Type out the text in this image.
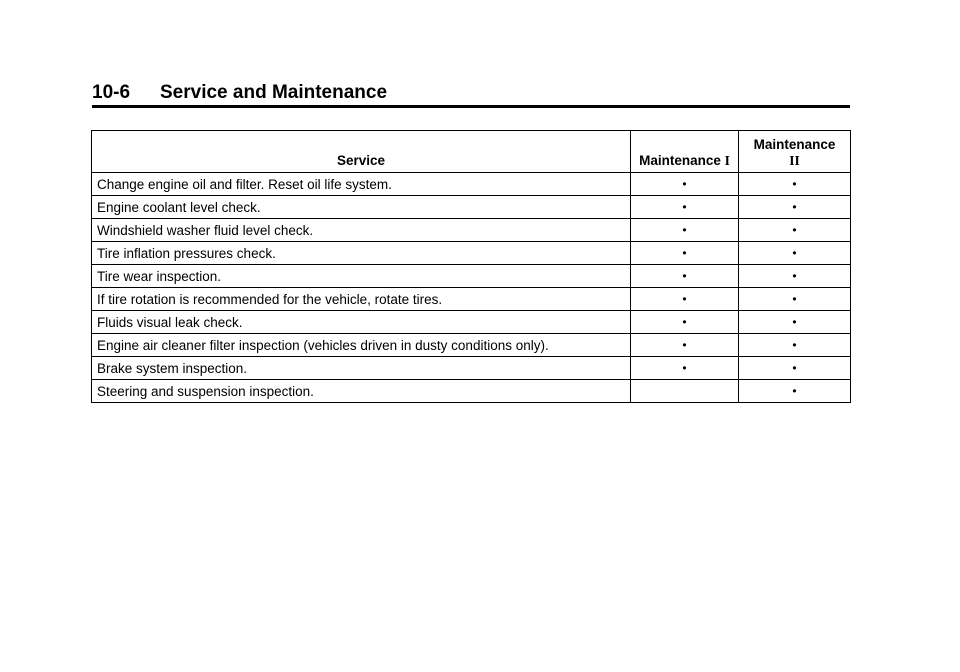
10-6 Service and Maintenance
Service	Maintenance I	Maintenance
II
Change engine oil and filter. Reset oil life system.	•	•
Engine coolant level check.	•	•
Windshield washer fluid level check.	•	•
Tire inflation pressures check.	•	•
Tire wear inspection.	•	•
If tire rotation is recommended for the vehicle, rotate tires.	•	•
Fluids visual leak check.	•	•
Engine air cleaner filter inspection (vehicles driven in dusty conditions only).	•	•
Brake system inspection.	•	•
Steering and suspension inspection.		•
